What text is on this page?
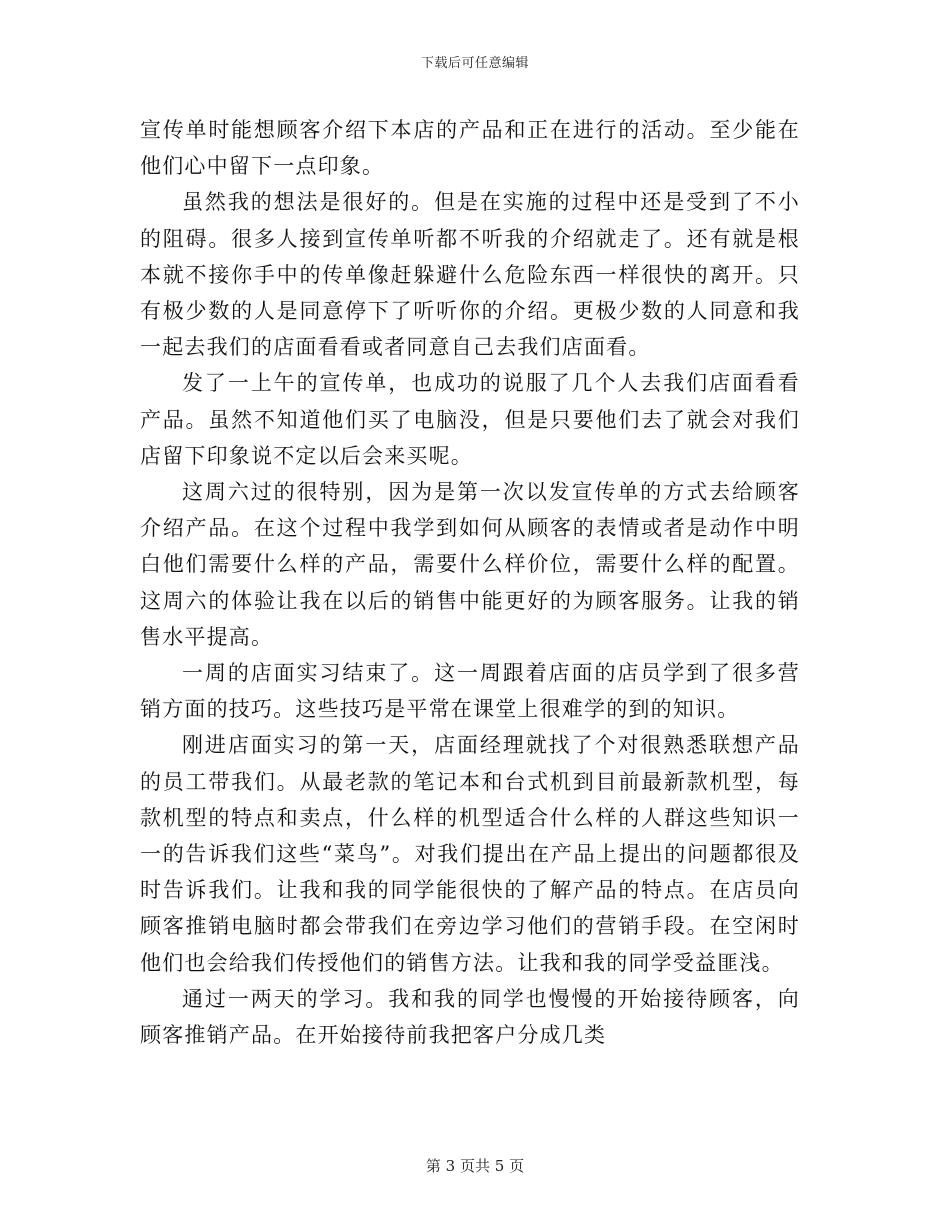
下载后可任意编辑

宣传单时能想顾客介绍下本店的产品和正在进行的活动。至少能在他们心中留下一点印象。

虽然我的想法是很好的。但是在实施的过程中还是受到了不小的阻碍。很多人接到宣传单听都不听我的介绍就走了。还有就是根本就不接你手中的传单像赶躲避什么危险东西一样很快的离开。只有极少数的人是同意停下了听听你的介绍。更极少数的人同意和我一起去我们的店面看看或者同意自己去我们店面看。

发了一上午的宣传单，也成功的说服了几个人去我们店面看看产品。虽然不知道他们买了电脑没，但是只要他们去了就会对我们店留下印象说不定以后会来买呢。

这周六过的很特别，因为是第一次以发宣传单的方式去给顾客介绍产品。在这个过程中我学到如何从顾客的表情或者是动作中明白他们需要什么样的产品，需要什么样价位，需要什么样的配置。这周六的体验让我在以后的销售中能更好的为顾客服务。让我的销售水平提高。

一周的店面实习结束了。这一周跟着店面的店员学到了很多营销方面的技巧。这些技巧是平常在课堂上很难学的到的知识。

刚进店面实习的第一天，店面经理就找了个对很熟悉联想产品的员工带我们。从最老款的笔记本和台式机到目前最新款机型，每款机型的特点和卖点，什么样的机型适合什么样的人群这些知识一一的告诉我们这些“菜鸟”。对我们提出在产品上提出的问题都很及时告诉我们。让我和我的同学能很快的了解产品的特点。在店员向顾客推销电脑时都会带我们在旁边学习他们的营销手段。在空闲时他们也会给我们传授他们的销售方法。让我和我的同学受益匪浅。

通过一两天的学习。我和我的同学也慢慢的开始接待顾客，向顾客推销产品。在开始接待前我把客户分成几类

第 3 页共 5 页
